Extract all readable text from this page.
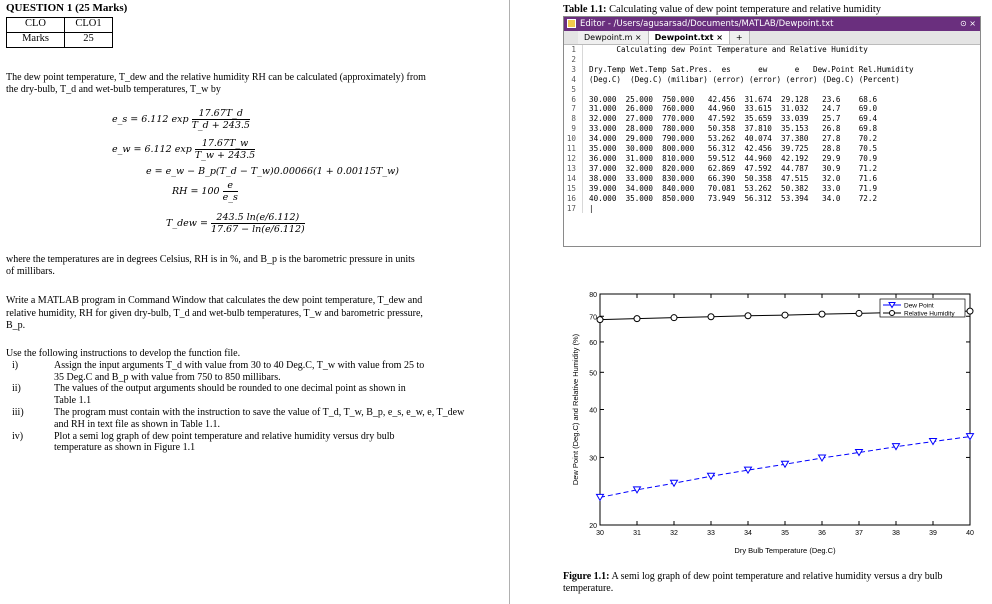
QUESTION 1 (25 Marks)
CLO	CLO1
Marks	25
The dew point temperature, T_dew and the relative humidity RH can be calculated (approximately) from
the dry-bulb, T_d and wet-bulb temperatures, T_w by
e_s = 6.112 $\exp \frac{17.67T\_d}{T\_d + 243.5}$
e_w = 6.112 $\exp \frac{17.67T\_w}{T\_w + 243.5}$
e = e_w − B_p(T_d − T_w)0.00066(1 + 0.00115T_w)
RH = $100 \frac{e}{e\_s}$
T_dew = $\frac{243.5 \ln(e/6.112)}{17.67 - \ln(e/6.112)}$
where the temperatures are in degrees Celsius, RH is in %, and B_p is the barometric pressure in units
of millibars.
Write a MATLAB program in Command Window that calculates the dew point temperature, T_dew and
relative humidity, RH for given dry-bulb, T_d and wet-bulb temperatures, T_w and barometric pressure,
B_p.
Use the following instructions to develop the function file.
i)	Assign the input arguments T_d with value from 30 to 40 Deg.C, T_w with value from 25 to
35 Deg.C and B_p with value from 750 to 850 millibars.
ii)	The values of the output arguments should be rounded to one decimal point as shown in
Table 1.1
iii)	The program must contain with the instruction to save the value of T_d, T_w, B_p, e_s, e_w, e, T_dew
and RH in text file as shown in Table 1.1.
iv)	Plot a semi log graph of dew point temperature and relative humidity versus dry bulb
temperature as shown in Figure 1.1
Table 1.1: Calculating value of dew point temperature and relative humidity
Editor - /Users/agusarsad/Documents/MATLAB/Dewpoint.txt	⊙ ×
Dewpoint.m ×	Dewpoint.txt ×	+

1
2
3
4
5
6
7
8
9
10
11
12
13
14
15
16
17

Calculating dew Point Temperature and Relative Humidity

Dry.Temp Wet.Temp Sat.Pres.  es      ew      e   Dew.Point Rel.Humidity
(Deg.C)  (Deg.C) (milibar) (error) (error) (error) (Deg.C) (Percent)

30.000  25.000  750.000   42.456  31.674  29.128   23.6    68.6
31.000  26.000  760.000   44.960  33.615  31.032   24.7    69.0
32.000  27.000  770.000   47.592  35.659  33.039   25.7    69.4
33.000  28.000  780.000   50.358  37.810  35.153   26.8    69.8
34.000  29.000  790.000   53.262  40.074  37.380   27.8    70.2
35.000  30.000  800.000   56.312  42.456  39.725   28.8    70.5
36.000  31.000  810.000   59.512  44.960  42.192   29.9    70.9
37.000  32.000  820.000   62.869  47.592  44.787   30.9    71.2
38.000  33.000  830.000   66.390  50.358  47.515   32.0    71.6
39.000  34.000  840.000   70.081  53.262  50.382   33.0    71.9
40.000  35.000  850.000   73.949  56.312  53.394   34.0    72.2
|

30	31	32	33	34	35	36	37	38	39	40
20
30
40
50
60
70
80
Dry Bulb Temperature (Deg.C)
Dew Point (Deg.C) and Relative Humidity (%)
Dew Point
Relative Humidity
Figure 1.1: A semi log graph of dew point temperature and relative humidity versus a dry bulb temperature.
